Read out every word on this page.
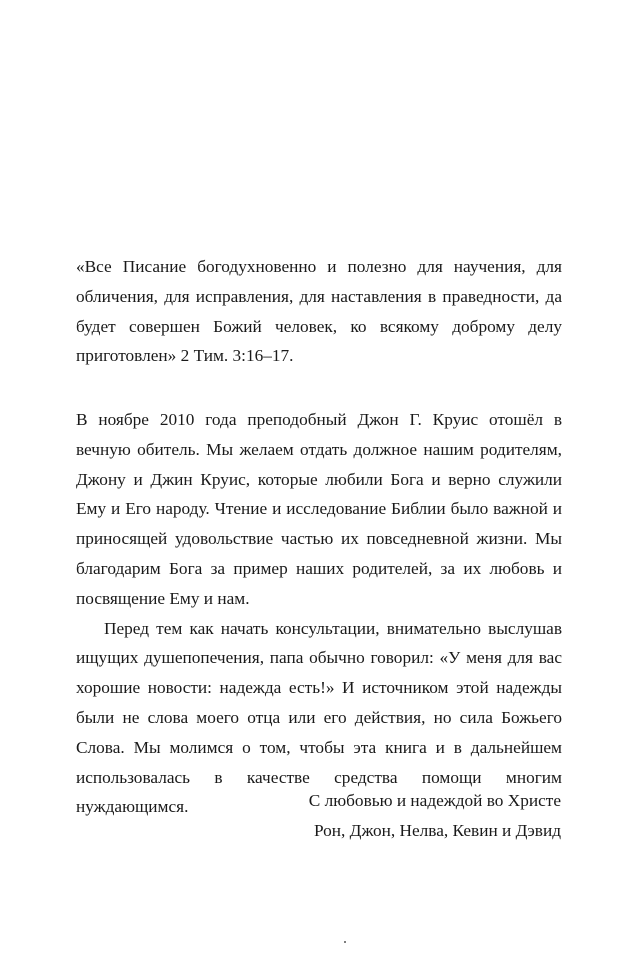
«Все Писание богодухновенно и полезно для научения, для обличения, для исправления, для наставления в праведности, да будет совершен Божий человек, ко всякому доброму делу приготовлен» 2 Тим. 3:16–17.

В ноябре 2010 года преподобный Джон Г. Круис отошёл в вечную обитель. Мы желаем отдать должное нашим родителям, Джону и Джин Круис, которые любили Бога и верно служили Ему и Его народу. Чтение и исследование Библии было важной и приносящей удовольствие частью их повседневной жизни. Мы благодарим Бога за пример наших родителей, за их любовь и посвящение Ему и нам.

Перед тем как начать консультации, внимательно выслушав ищущих душепопечения, папа обычно говорил: «У меня для вас хорошие новости: надежда есть!» И источником этой надежды были не слова моего отца или его действия, но сила Божьего Слова. Мы молимся о том, чтобы эта книга и в дальнейшем использовалась в качестве средства помощи многим нуждающимся.	С любовью и надеждой во Христе
Рон, Джон, Нелва, Кевин и Дэвид
